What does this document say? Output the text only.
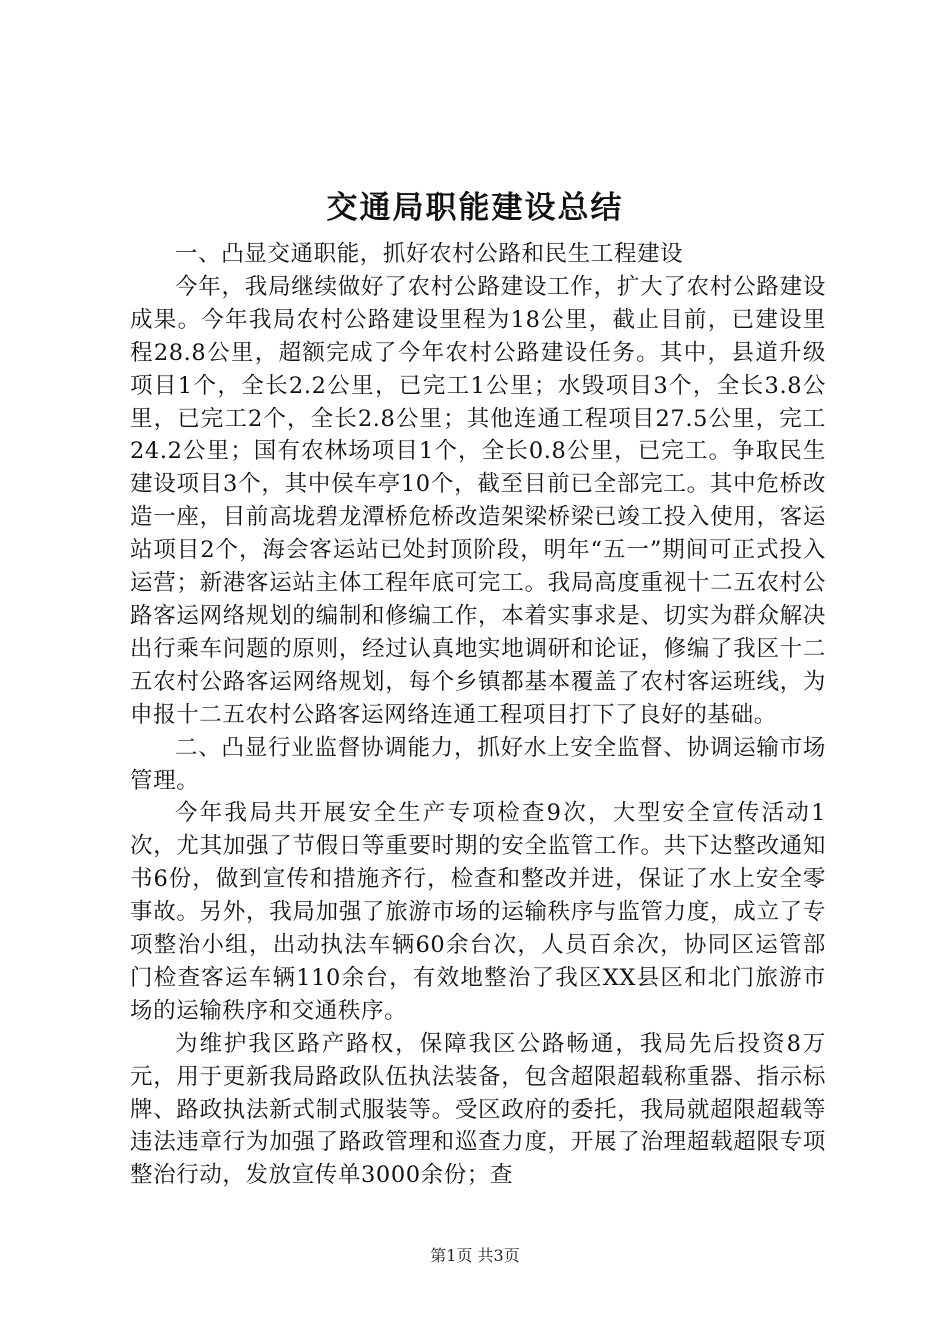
交通局职能建设总结

一、凸显交通职能，抓好农村公路和民生工程建设

今年，我局继续做好了农村公路建设工作，扩大了农村公路建设成果。今年我局农村公路建设里程为18公里，截止目前，已建设里程28.8公里，超额完成了今年农村公路建设任务。其中，县道升级项目1个，全长2.2公里，已完工1公里；水毁项目3个，全长3.8公里，已完工2个，全长2.8公里；其他连通工程项目27.5公里，完工24.2公里；国有农林场项目1个，全长0.8公里，已完工。争取民生建设项目3个，其中侯车亭10个，截至目前已全部完工。其中危桥改造一座，目前高垅碧龙潭桥危桥改造架梁桥梁已竣工投入使用，客运站项目2个，海会客运站已处封顶阶段，明年“五一”期间可正式投入运营；新港客运站主体工程年底可完工。我局高度重视十二五农村公路客运网络规划的编制和修编工作，本着实事求是、切实为群众解决出行乘车问题的原则，经过认真地实地调研和论证，修编了我区十二五农村公路客运网络规划，每个乡镇都基本覆盖了农村客运班线，为申报十二五农村公路客运网络连通工程项目打下了良好的基础。

二、凸显行业监督协调能力，抓好水上安全监督、协调运输市场管理。

今年我局共开展安全生产专项检查9次，大型安全宣传活动1次，尤其加强了节假日等重要时期的安全监管工作。共下达整改通知书6份，做到宣传和措施齐行，检查和整改并进，保证了水上安全零事故。另外，我局加强了旅游市场的运输秩序与监管力度，成立了专项整治小组，出动执法车辆60余台次，人员百余次，协同区运管部门检查客运车辆110余台，有效地整治了我区XX县区和北门旅游市场的运输秩序和交通秩序。

为维护我区路产路权，保障我区公路畅通，我局先后投资8万元，用于更新我局路政队伍执法装备，包含超限超载称重器、指示标牌、路政执法新式制式服装等。受区政府的委托，我局就超限超载等违法违章行为加强了路政管理和巡查力度，开展了治理超载超限专项整治行动，发放宣传单3000余份；查

第1页 共3页
